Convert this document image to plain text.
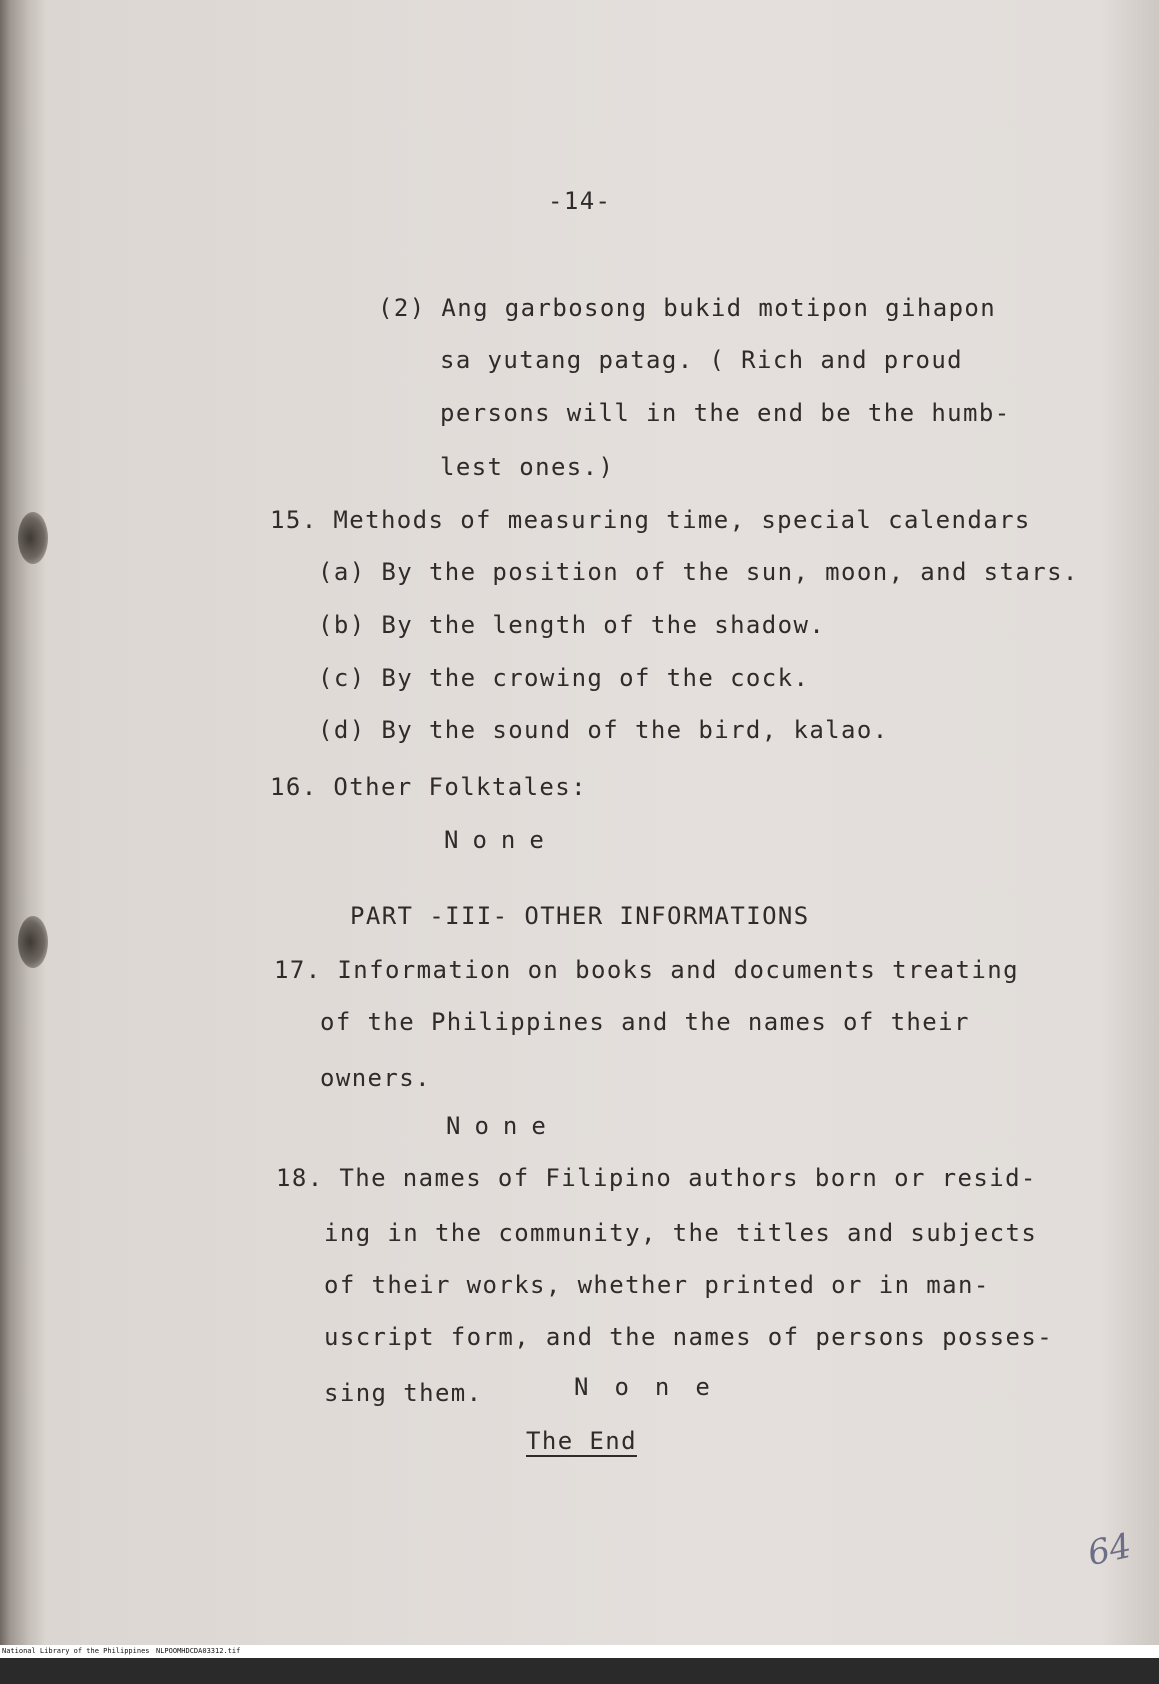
-14-
(2) Ang garbosong bukid motipon gihapon
sa yutang patag. ( Rich and proud
persons will in the end be the humb-
lest ones.)
15. Methods of measuring time, special calendars
(a) By the position of the sun, moon, and stars.
(b) By the length of the shadow.
(c) By the crowing of the cock.
(d) By the sound of the bird, kalao.
16. Other Folktales:
None
PART -III- OTHER INFORMATIONS
17. Information on books and documents treating
of the Philippines and the names of their
owners.
None
18. The names of Filipino authors born or resid-
ing in the community, the titles and subjects
of their works, whether printed or in man-
uscript form, and the names of persons posses-
sing them.	None
The End
64

National Library of the Philippines

NLPOOMHDCDA03312.tif
